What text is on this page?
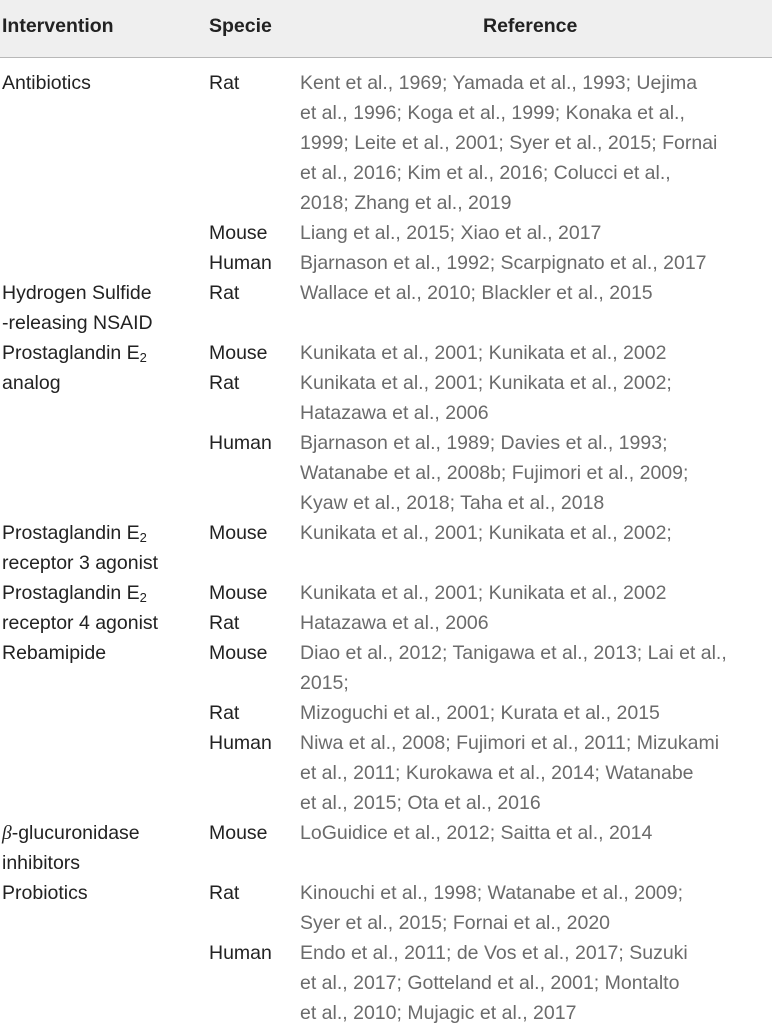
Intervention	Specie	Reference
Antibiotics
Hydrogen Sulfide
-releasing NSAID
Prostaglandin $E_2$
analog
Prostaglandin $E_2$
receptor 3 agonist
Prostaglandin $E_2$
receptor 4 agonist
Rebamipide
β-glucuronidase
inhibitors
Probiotics
Rat
Mouse
Human
Rat
Mouse
Rat
Human
Mouse
Mouse
Rat
Mouse
Rat
Human
Mouse
Rat
Human
Kent et al., 1969; Yamada et al., 1993; Uejima
et al., 1996; Koga et al., 1999; Konaka et al.,
1999; Leite et al., 2001; Syer et al., 2015; Fornai
et al., 2016; Kim et al., 2016; Colucci et al.,
2018; Zhang et al., 2019
Liang et al., 2015; Xiao et al., 2017
Bjarnason et al., 1992; Scarpignato et al., 2017
Wallace et al., 2010; Blackler et al., 2015
Kunikata et al., 2001; Kunikata et al., 2002
Kunikata et al., 2001; Kunikata et al., 2002;
Hatazawa et al., 2006
Bjarnason et al., 1989; Davies et al., 1993;
Watanabe et al., 2008b; Fujimori et al., 2009;
Kyaw et al., 2018; Taha et al., 2018
Kunikata et al., 2001; Kunikata et al., 2002;
Kunikata et al., 2001; Kunikata et al., 2002
Hatazawa et al., 2006
Diao et al., 2012; Tanigawa et al., 2013; Lai et al.,
2015;
Mizoguchi et al., 2001; Kurata et al., 2015
Niwa et al., 2008; Fujimori et al., 2011; Mizukami
et al., 2011; Kurokawa et al., 2014; Watanabe
et al., 2015; Ota et al., 2016
LoGuidice et al., 2012; Saitta et al., 2014
Kinouchi et al., 1998; Watanabe et al., 2009;
Syer et al., 2015; Fornai et al., 2020
Endo et al., 2011; de Vos et al., 2017; Suzuki
et al., 2017; Gotteland et al., 2001; Montalto
et al., 2010; Mujagic et al., 2017
